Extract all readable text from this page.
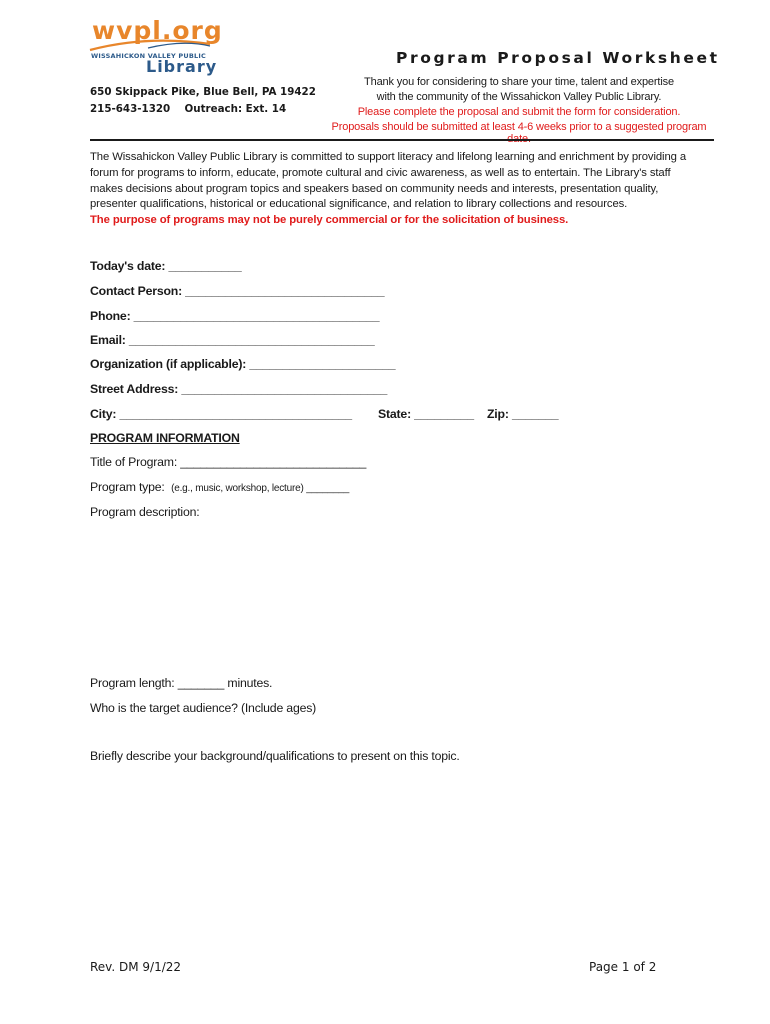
wvpl.org
WISSAHICKON VALLEY PUBLIC
Library
650 Skippack Pike, Blue Bell, PA 19422
215-643-1320    Outreach: Ext. 14
Program Proposal Worksheet
Thank you for considering to share your time, talent and expertise
with the community of the Wissahickon Valley Public Library.
Please complete the proposal and submit the form for consideration.
Proposals should be submitted at least 4-6 weeks prior to a suggested program
The Wissahickon Valley Public Library is committed to support literacy and lifelong learning and enrichment by providing a
forum for programs to inform, educate, promote cultural and civic awareness, as well as to entertain. The Library's staff
makes decisions about program topics and speakers based on community needs and interests, presentation quality,
presenter qualifications, historical or educational significance, and relation to library collections and resources.
The purpose of programs may not be purely commercial or for the solicitation of business.
Today's date: ___________
Contact Person: ______________________________
Phone: _____________________________________
Email: _____________________________________
Organization (if applicable): ______________________
Street Address: _______________________________
City: ___________________________________ State: _________ Zip: _______
PROGRAM INFORMATION
Title of Program: ____________________________
Program type: (e.g., music, workshop, lecture) ________
Program description:
Program length: _______ minutes.
Who is the target audience? (Include ages)
Briefly describe your background/qualifications to present on this topic.
Rev. DM 9/1/22	Page 1 of 2
